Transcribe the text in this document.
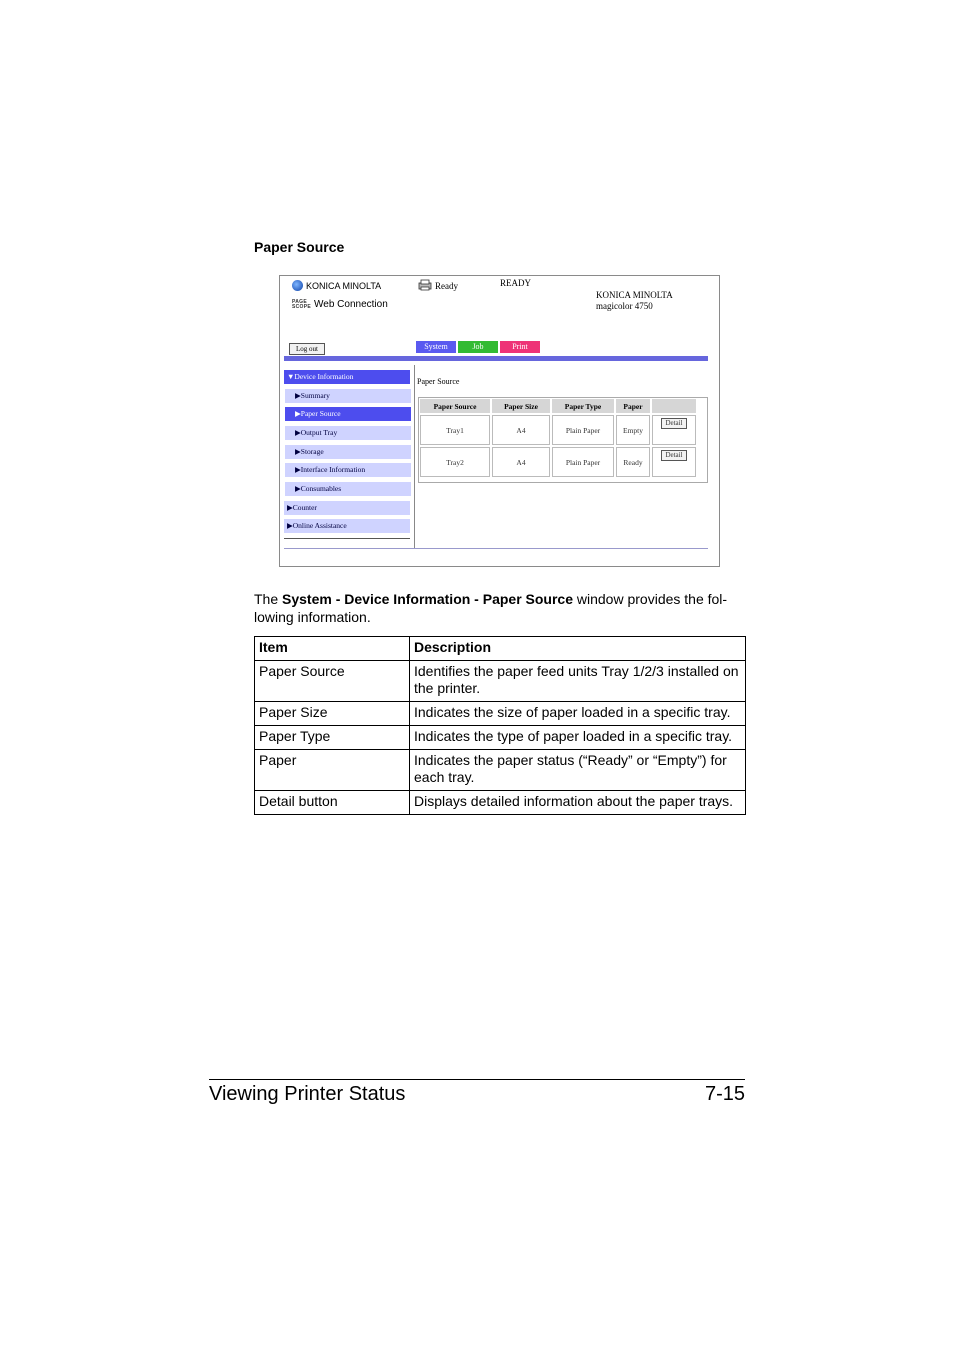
Paper Source
KONICA MINOLTA
PAGE
SCOPE Web Connection
Ready	READY
KONICA MINOLTA
magicolor 4750
Log out	System	Job	Print
▼Device Information
▶Summary
▶Paper Source
▶Output Tray
▶Storage
▶Interface Information
▶Consumables
▶Counter
▶Online Assistance
Paper Source
Paper Source	Paper Size	Paper Type	Paper	
Tray1	A4	Plain Paper	Empty	Detail
Tray2	A4	Plain Paper	Ready	Detail
The System - Device Information - Paper Source window provides the fol-lowing information.
Item	Description
Paper Source	Identifies the paper feed units Tray 1/2/3 installed on the printer.
Paper Size	Indicates the size of paper loaded in a specific tray.
Paper Type	Indicates the type of paper loaded in a specific tray.
Paper	Indicates the paper status (“Ready” or “Empty”) for each tray.
Detail button	Displays detailed information about the paper trays.
Viewing Printer Status	7-15
